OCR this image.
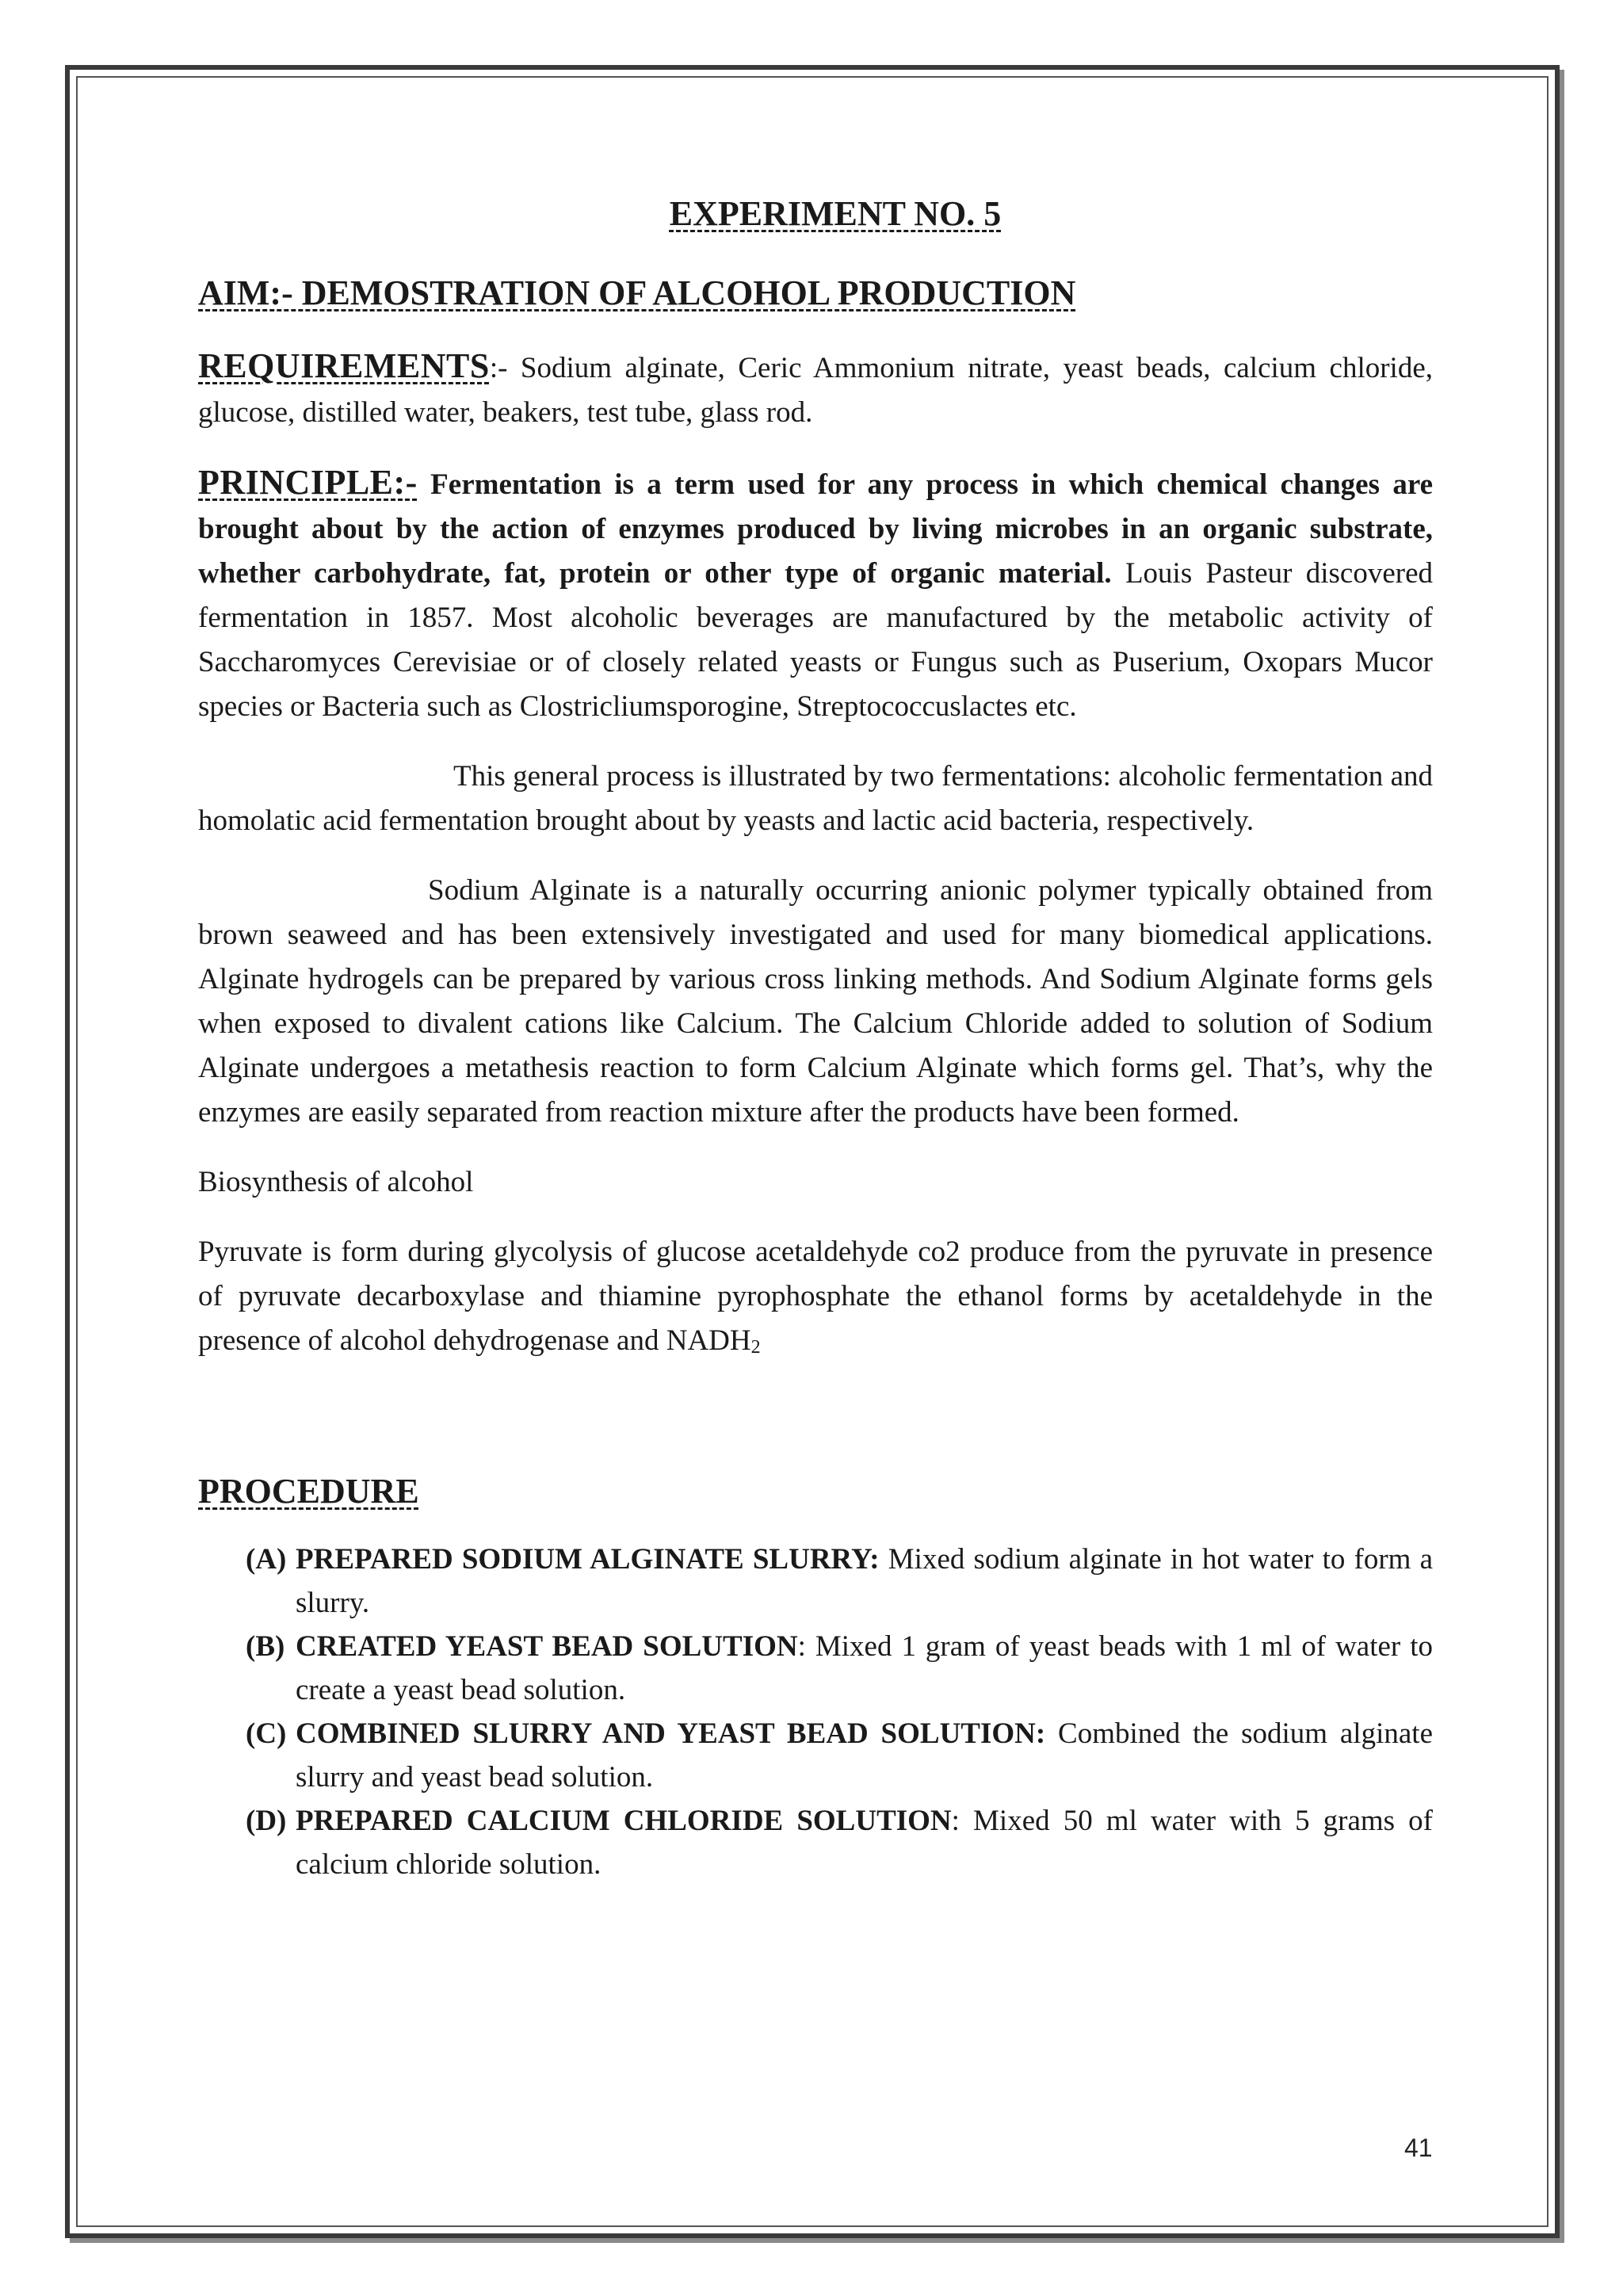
EXPERIMENT NO. 5
AIM:- DEMOSTRATION OF ALCOHOL PRODUCTION

REQUIREMENTS:- Sodium alginate, Ceric Ammonium nitrate, yeast beads, calcium chloride, glucose, distilled water, beakers, test tube, glass rod.

PRINCIPLE:- Fermentation is a term used for any process in which chemical changes are brought about by the action of enzymes produced by living microbes in an organic substrate, whether carbohydrate, fat, protein or other type of organic material. Louis Pasteur discovered fermentation in 1857. Most alcoholic beverages are manufactured by the metabolic activity of Saccharomyces Cerevisiae or of closely related yeasts or Fungus such as Puserium, Oxopars Mucor species or Bacteria such as Clostricliumsporogine, Streptococcuslactes etc.

This general process is illustrated by two fermentations: alcoholic fermentation and homolatic acid fermentation brought about by yeasts and lactic acid bacteria, respectively.

Sodium Alginate is a naturally occurring anionic polymer typically obtained from brown seaweed and has been extensively investigated and used for many biomedical applications. Alginate hydrogels can be prepared by various cross linking methods. And Sodium Alginate forms gels when exposed to divalent cations like Calcium. The Calcium Chloride added to solution of Sodium Alginate undergoes a metathesis reaction to form Calcium Alginate which forms gel. That’s, why the enzymes are easily separated from reaction mixture after the products have been formed.

Biosynthesis of alcohol

Pyruvate is form during glycolysis of glucose acetaldehyde co2 produce from the pyruvate in presence of pyruvate decarboxylase and thiamine pyrophosphate the ethanol forms by acetaldehyde in the presence of alcohol dehydrogenase and $NADH_2$

PROCEDURE
(A) PREPARED SODIUM ALGINATE SLURRY: Mixed sodium alginate in hot water to form a slurry.
(B) CREATED YEAST BEAD SOLUTION: Mixed 1 gram of yeast beads with 1 ml of water to create a yeast bead solution.
(C) COMBINED SLURRY AND YEAST BEAD SOLUTION: Combined the sodium alginate slurry and yeast bead solution.
(D) PREPARED CALCIUM CHLORIDE SOLUTION: Mixed 50 ml water with 5 grams of calcium chloride solution.
41
